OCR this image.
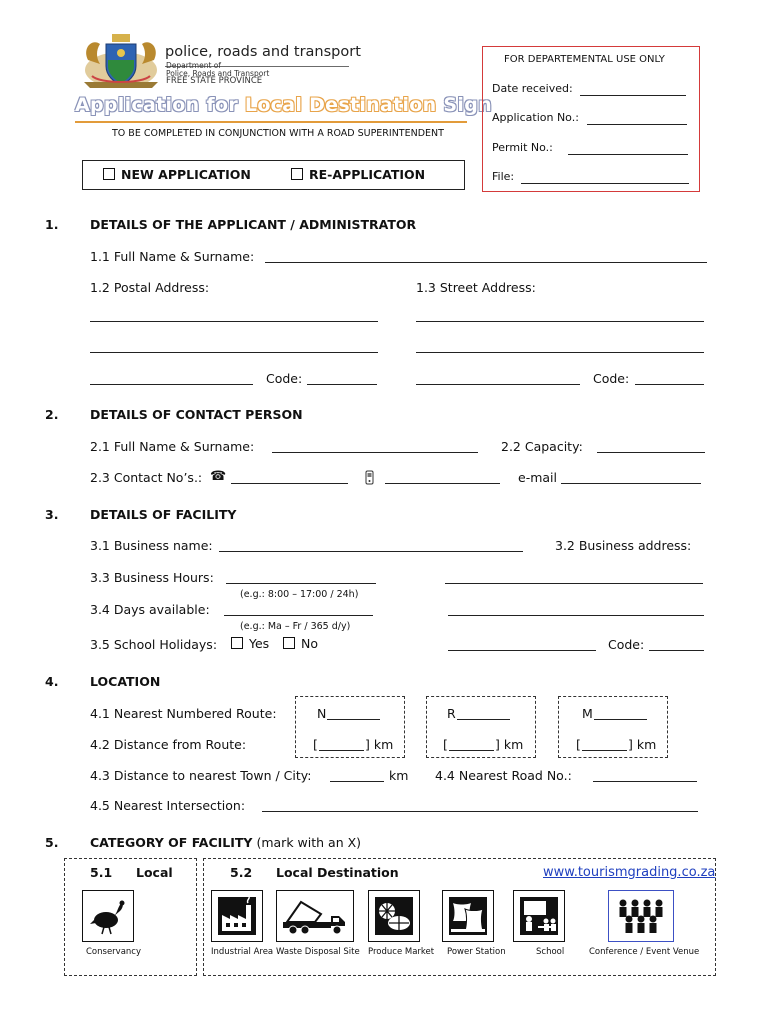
police, roads and transport
Department of
Police, Roads and Transport
FREE STATE PROVINCE
Application for Local Destination Sign
TO BE COMPLETED IN CONJUNCTION WITH A ROAD SUPERINTENDENT
NEW APPLICATION	RE-APPLICATION
FOR DEPARTEMENTAL USE ONLY
Date received:
Application No.:
Permit No.:
File:
1.	DETAILS OF THE APPLICANT / ADMINISTRATOR
1.1 Full Name & Surname:
1.2 Postal Address:	1.3 Street Address:
Code:	Code:
2.	DETAILS OF CONTACT PERSON
2.1 Full Name & Surname:	2.2 Capacity:
2.3 Contact No’s.: ☎	e-mail
3.	DETAILS OF FACILITY
3.1 Business name:	3.2 Business address:
3.3 Business Hours:
(e.g.: 8:00 – 17:00 / 24h)
3.4 Days available:
(e.g.: Ma – Fr / 365 d/y)
3.5 School Holidays:	Yes	No	Code:
4.	LOCATION
4.1 Nearest Numbered Route:	N	R	M
4.2 Distance from Route:	[	] km	[	] km	[	] km
4.3 Distance to nearest Town / City:	km 4.4 Nearest Road No.:
4.5 Nearest Intersection:
5.	CATEGORY OF FACILITY (mark with an X)
5.1 Local	5.2 Local Destination	www.tourismgrading.co.za
Conservancy	Industrial Area Waste Disposal Site Produce Market Power Station	School	Conference / Event Venue
